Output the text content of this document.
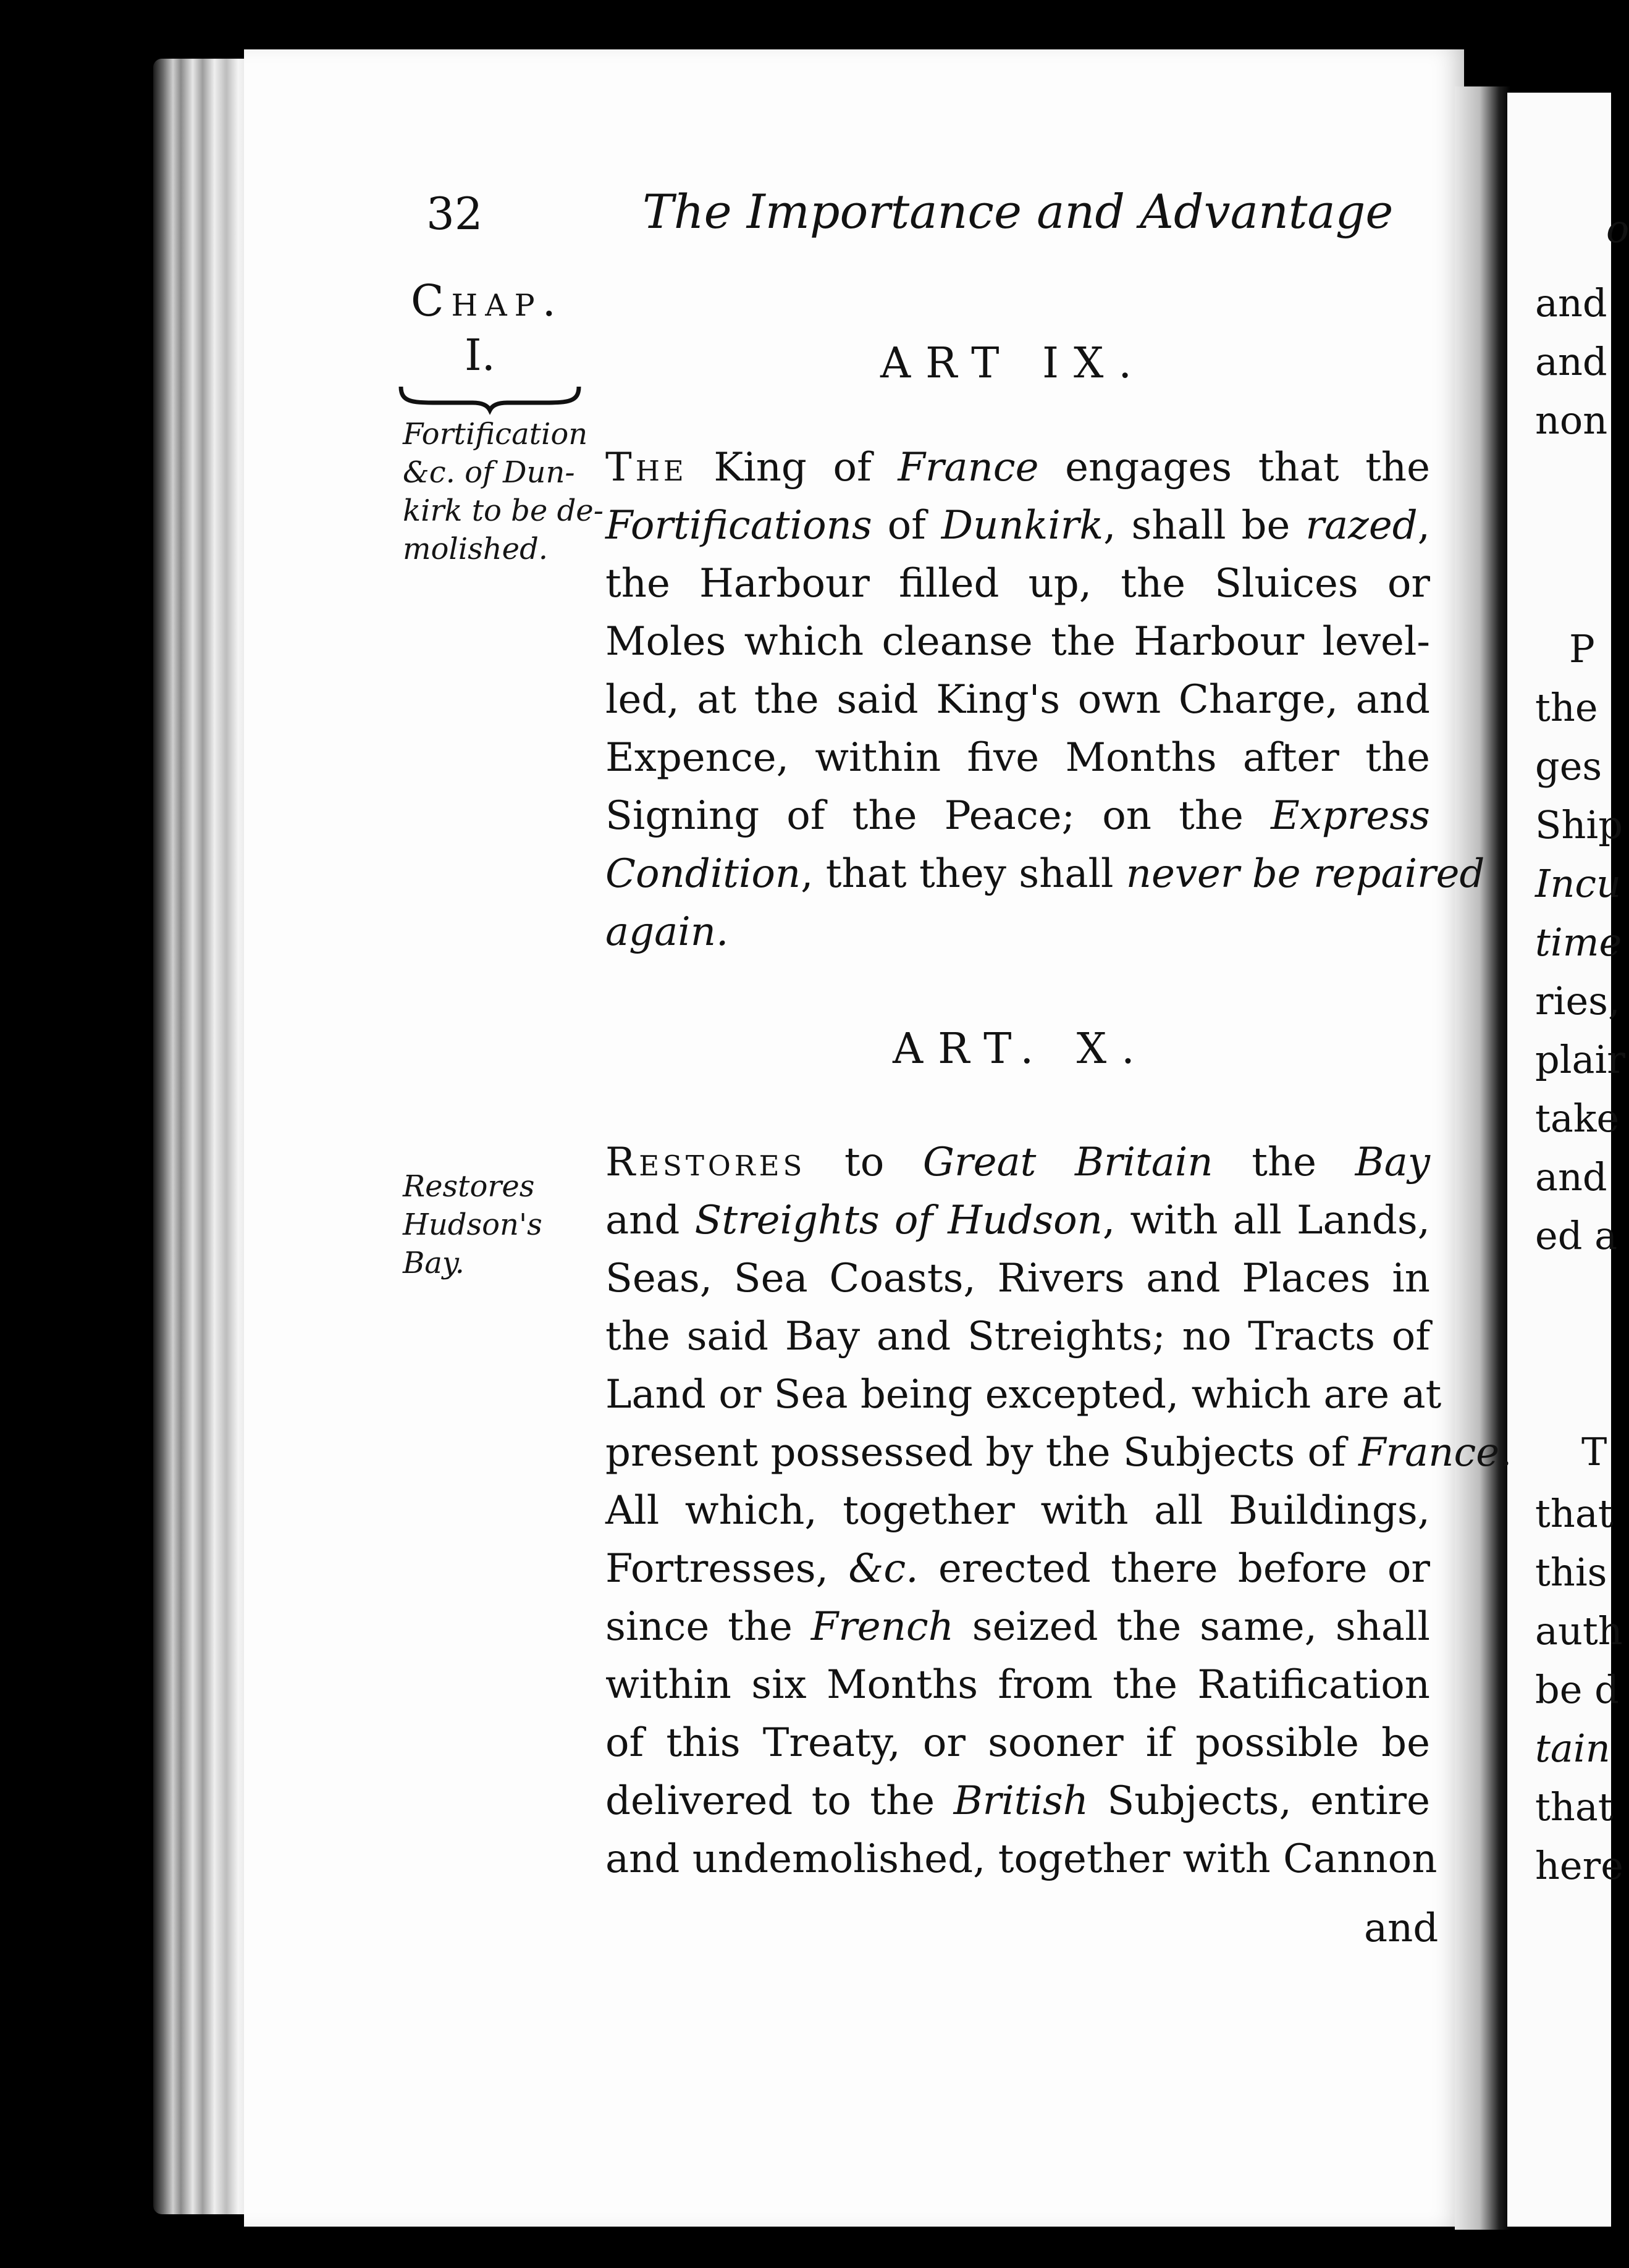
o
and
and
non
P
the
ges
Ship
Incu
time
ries,
plair
take
and
ed a
T
that
this
auth
be d
tain
that
here
32	The Importance and Advantage
Chap.
I.
Fortification
&c. of Dun-
kirk to be de-
molished.
Restores
Hudson's
Bay.
ART IX.
The King of France engages that the
Fortifications of Dunkirk, shall be razed,
the Harbour filled up, the Sluices or
Moles which cleanse the Harbour level-
led, at the said King's own Charge, and
Expence, within five Months after the
Signing of the Peace; on the Express
Condition, that they shall never be repaired
again.
ART. X.
Restores to Great Britain the Bay
and Streights of Hudson, with all Lands,
Seas, Sea Coasts, Rivers and Places in
the said Bay and Streights; no Tracts of
Land or Sea being excepted, which are at
present possessed by the Subjects of France.
All which, together with all Buildings,
Fortresses, &c. erected there before or
since the French seized the same, shall
within six Months from the Ratification
of this Treaty, or sooner if possible be
delivered to the British Subjects, entire
and undemolished, together with Cannon
and
